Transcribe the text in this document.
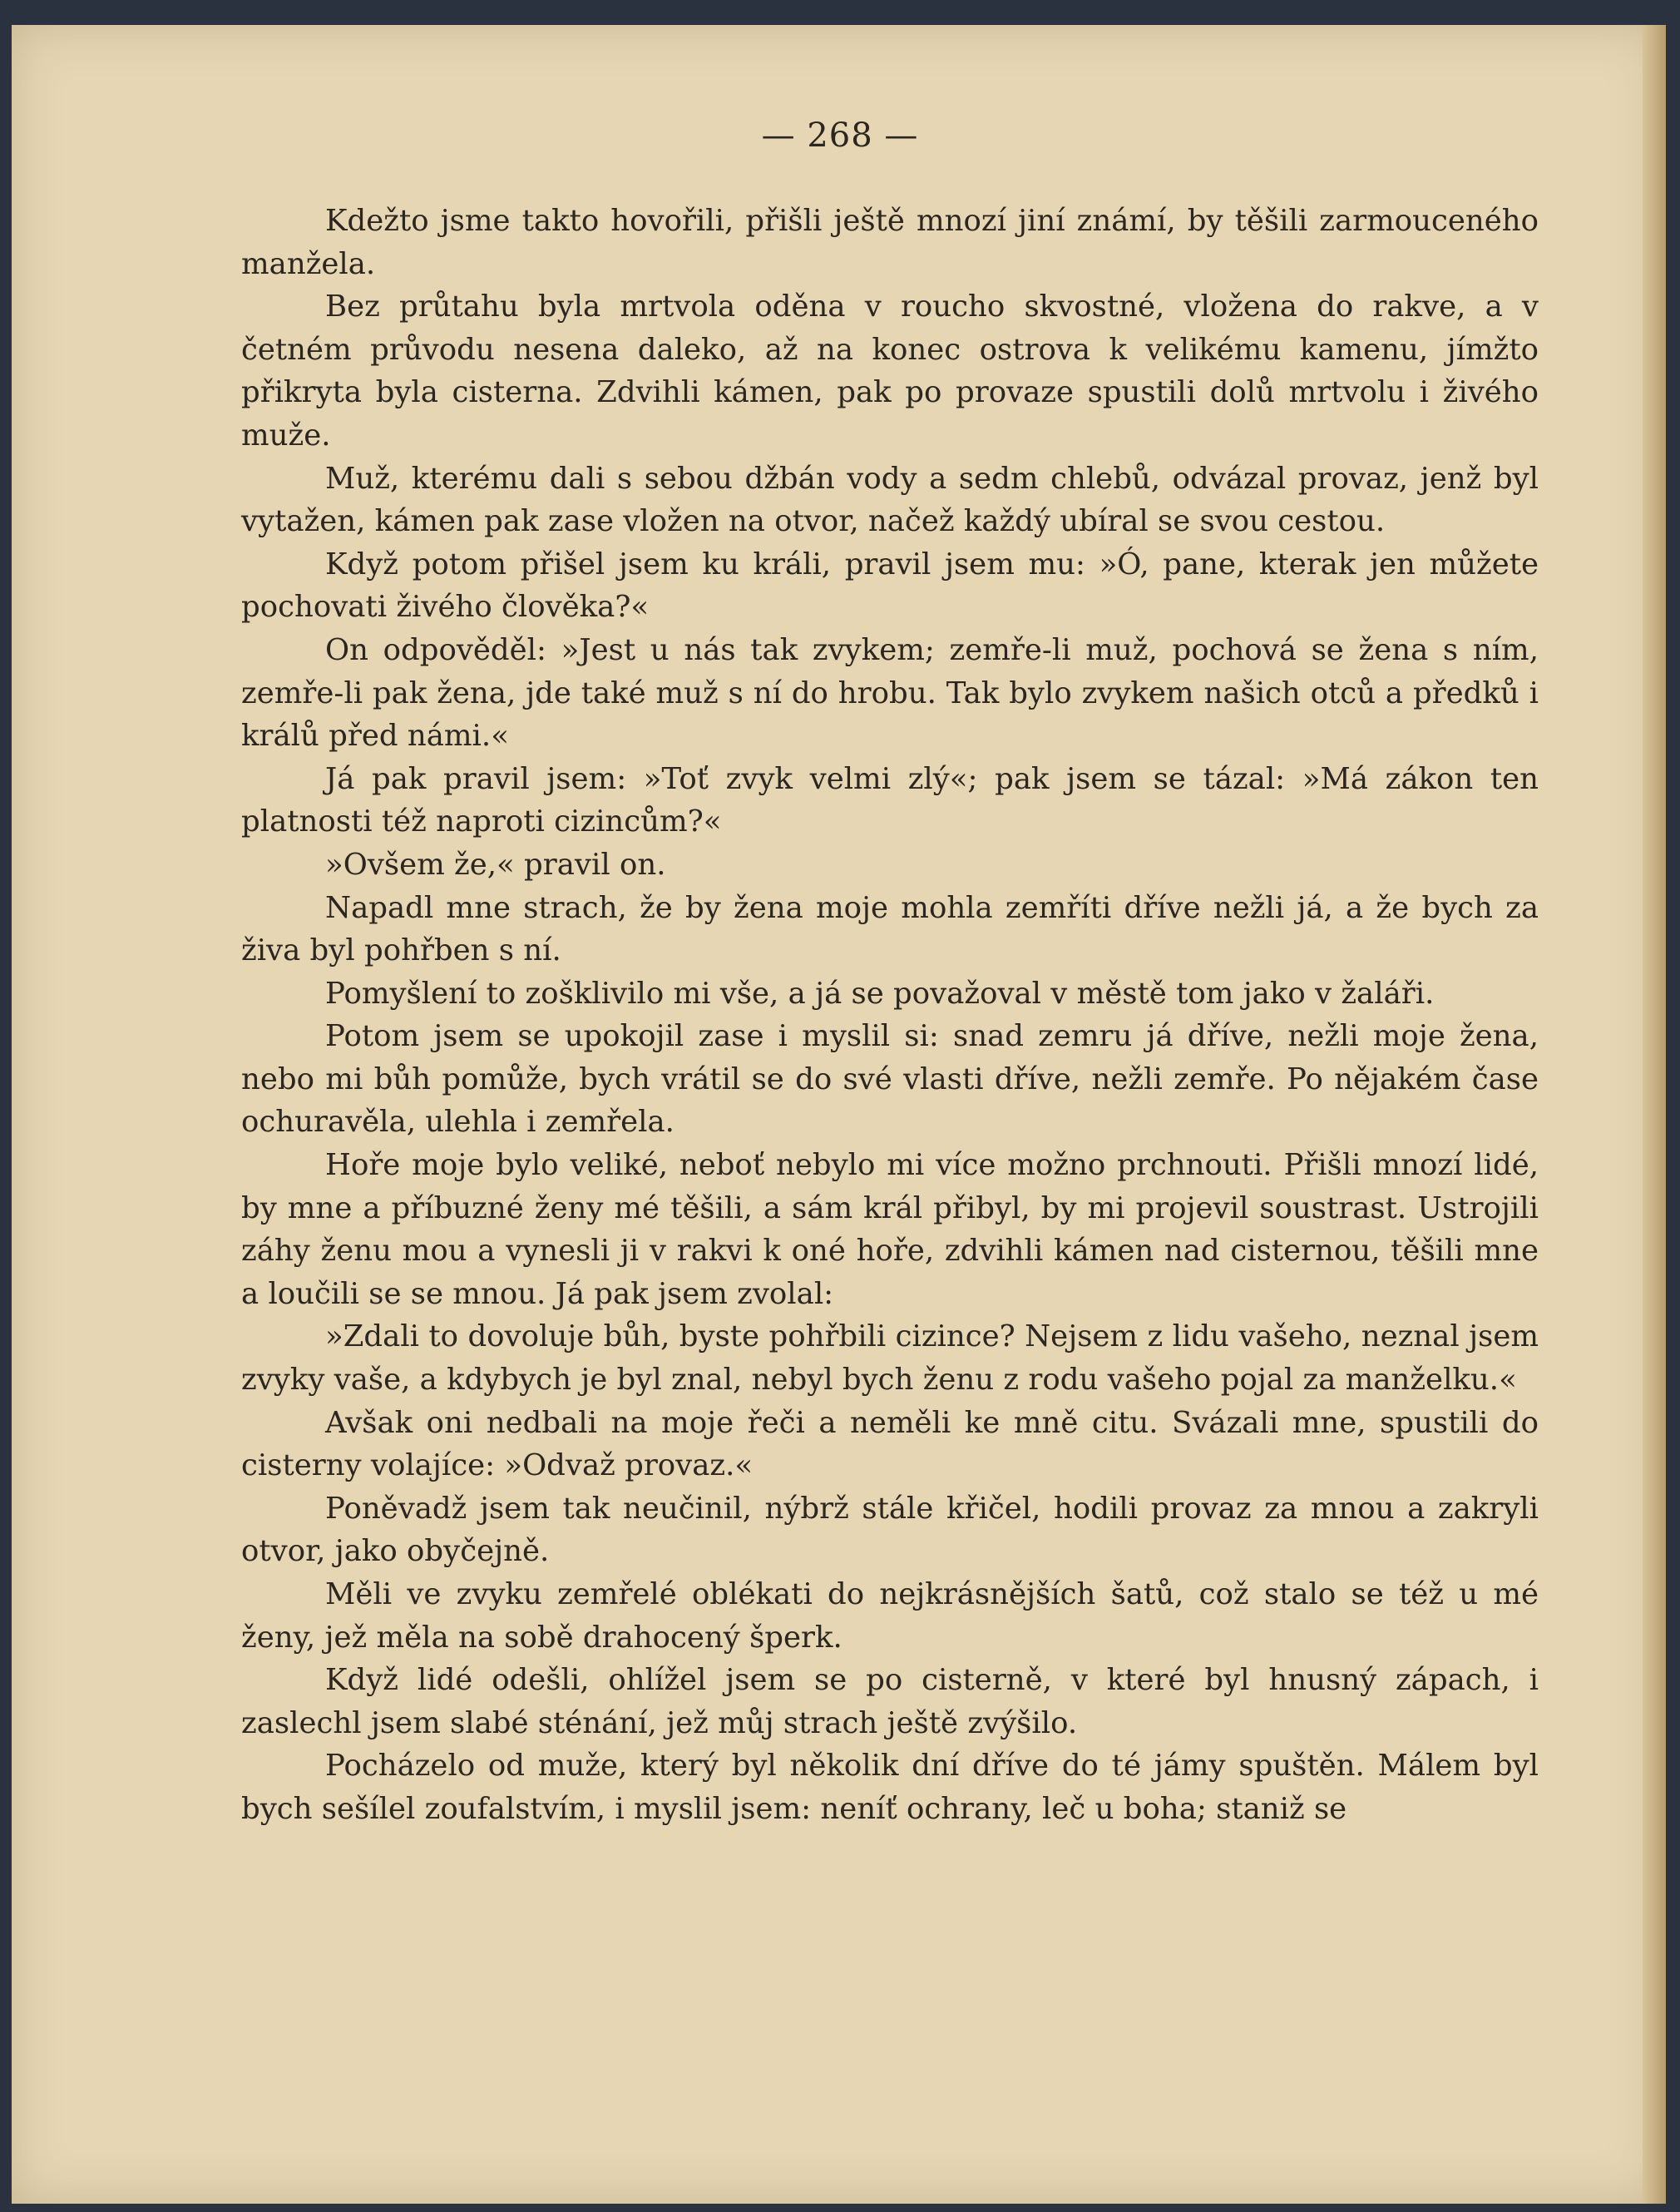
— 268 —

Kdežto jsme takto hovořili, přišli ještě mnozí jiní známí, by těšili zarmouceného manžela.

Bez průtahu byla mrtvola oděna v roucho skvostné, vložena do rakve, a v četném průvodu nesena daleko, až na konec ostrova k velikému kamenu, jímžto přikryta byla cisterna. Zdvihli kámen, pak po provaze spustili dolů mrtvolu i živého muže.

Muž, kterému dali s sebou džbán vody a sedm chlebů, odvázal provaz, jenž byl vytažen, kámen pak zase vložen na otvor, načež každý ubíral se svou cestou.

Když potom přišel jsem ku králi, pravil jsem mu: »Ó, pane, kterak jen můžete pochovati živého člověka?«

On odpověděl: »Jest u nás tak zvykem; zemře-li muž, pochová se žena s ním, zemře-li pak žena, jde také muž s ní do hrobu. Tak bylo zvykem našich otců a předků i králů před námi.«

Já pak pravil jsem: »Toť zvyk velmi zlý«; pak jsem se tázal: »Má zákon ten platnosti též naproti cizincům?«

»Ovšem že,« pravil on.

Napadl mne strach, že by žena moje mohla zemříti dříve nežli já, a že bych za živa byl pohřben s ní.

Pomyšlení to zošklivilo mi vše, a já se považoval v městě tom jako v žaláři.

Potom jsem se upokojil zase i myslil si: snad zemru já dříve, nežli moje žena, nebo mi bůh pomůže, bych vrátil se do své vlasti dříve, nežli zemře. Po nějakém čase ochuravěla, ulehla i zemřela.

Hoře moje bylo veliké, neboť nebylo mi více možno prchnouti. Přišli mnozí lidé, by mne a příbuzné ženy mé těšili, a sám král přibyl, by mi projevil soustrast. Ustrojili záhy ženu mou a vynesli ji v rakvi k oné hoře, zdvihli kámen nad cisternou, těšili mne a loučili se se mnou. Já pak jsem zvolal:

»Zdali to dovoluje bůh, byste pohřbili cizince? Nejsem z lidu vašeho, neznal jsem zvyky vaše, a kdybych je byl znal, nebyl bych ženu z rodu vašeho pojal za manželku.«

Avšak oni nedbali na moje řeči a neměli ke mně citu. Svázali mne, spustili do cisterny volajíce: »Odvaž provaz.«

Poněvadž jsem tak neučinil, nýbrž stále křičel, hodili provaz za mnou a zakryli otvor, jako obyčejně.

Měli ve zvyku zemřelé oblékati do nejkrásnějších šatů, což stalo se též u mé ženy, jež měla na sobě drahocený šperk.

Když lidé odešli, ohlížel jsem se po cisterně, v které byl hnusný zápach, i zaslechl jsem slabé sténání, jež můj strach ještě zvýšilo.

Pocházelo od muže, který byl několik dní dříve do té jámy spuštěn. Málem byl bych sešílel zoufalstvím, i myslil jsem: neníť ochrany, leč u boha; staniž se
